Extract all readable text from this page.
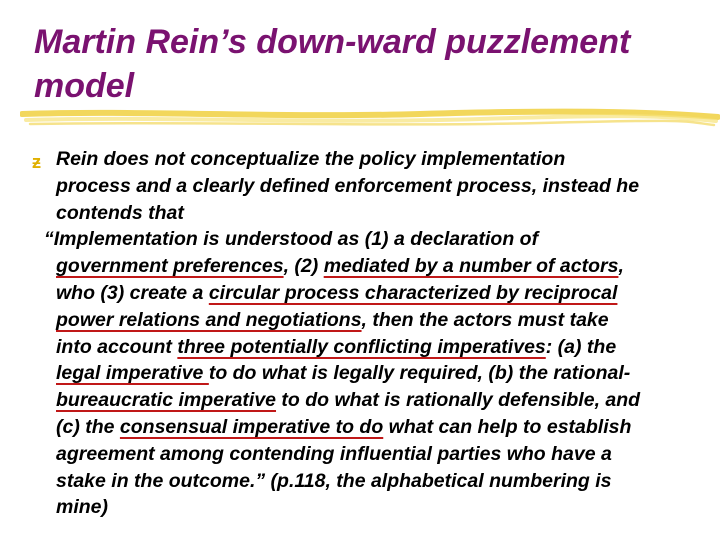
Martin Rein’s down-ward puzzlement model
ƶ Rein does not conceptualize the policy implementation
process and a clearly defined enforcement process, instead he
contends that
“Implementation is understood as (1) a declaration of
government preferences, (2) mediated by a number of actors,
who (3) create a circular process characterized by reciprocal
power relations and negotiations, then the actors must take
into account three potentially conflicting imperatives: (a) the
legal imperative to do what is legally required, (b) the rational-
bureaucratic imperative to do what is rationally defensible, and
(c) the consensual imperative to do what can help to establish
agreement among contending influential parties who have a
stake in the outcome.” (p.118, the alphabetical numbering is
mine)
